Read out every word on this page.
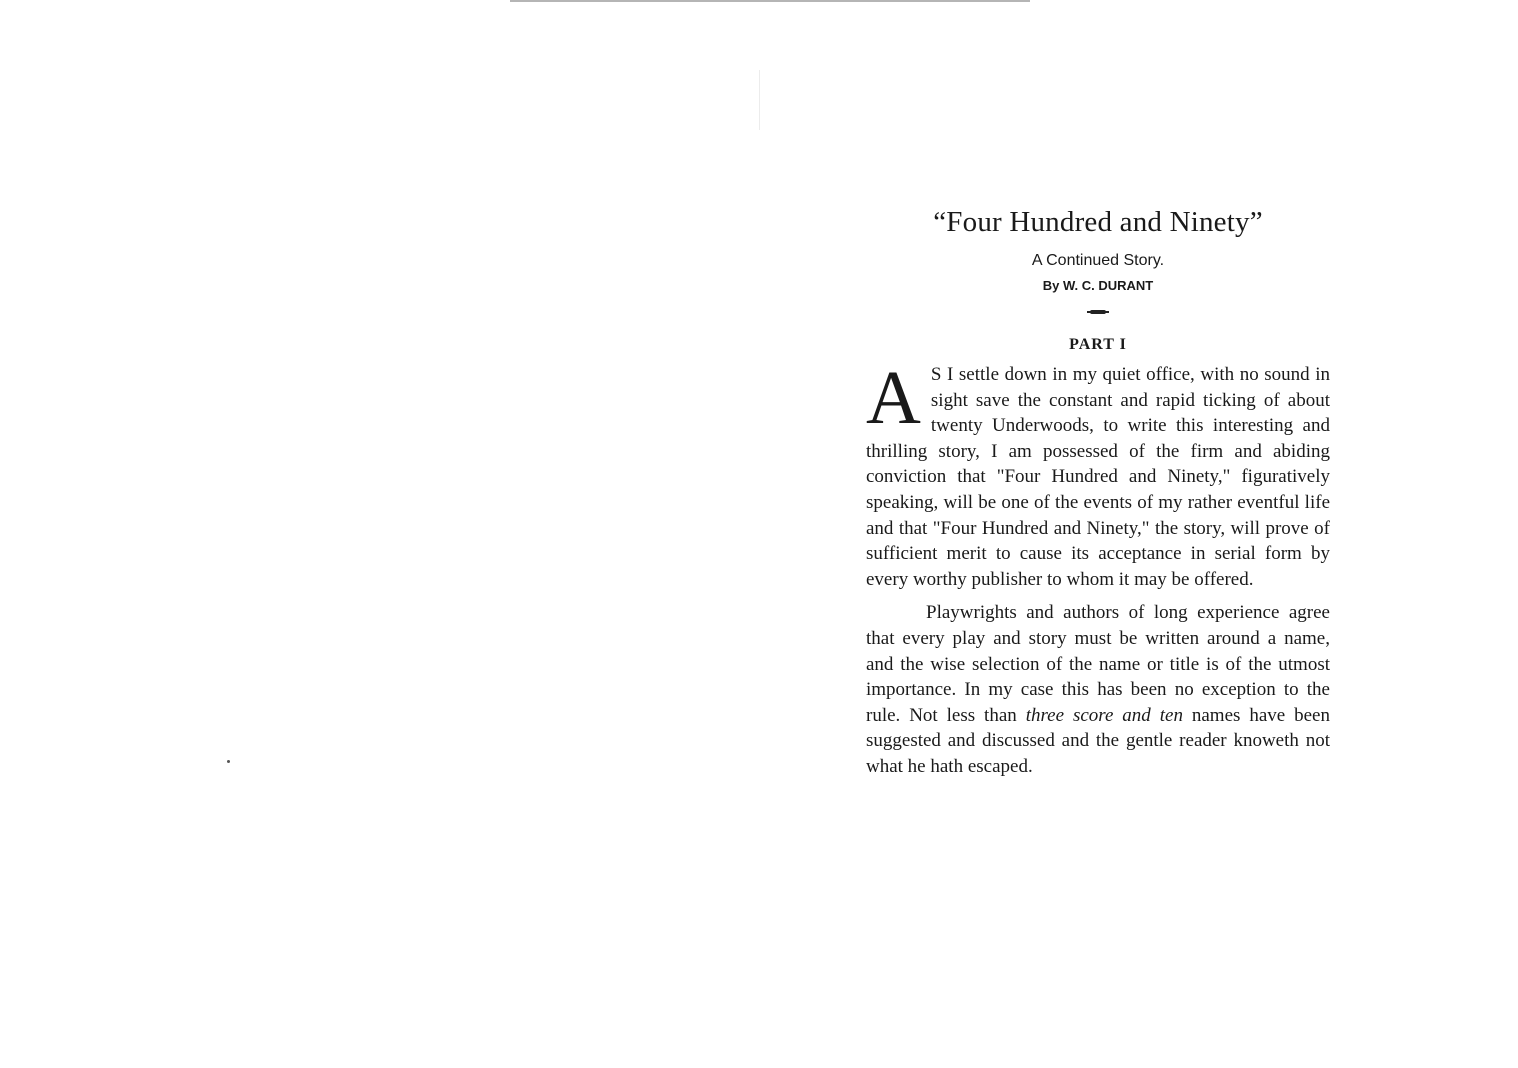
“Four Hundred and Ninety”

A Continued Story.

By W. C. DURANT

PART I

A S I settle down in my quiet office, with no sound in sight save the constant and rapid ticking of about twenty Underwoods, to write this interesting and thrilling story, I am possessed of the firm and abiding conviction that "Four Hundred and Ninety," figuratively speaking, will be one of the events of my rather eventful life and that "Four Hundred and Ninety," the story, will prove of sufficient merit to cause its acceptance in serial form by every worthy publisher to whom it may be offered.

Playwrights and authors of long experience agree that every play and story must be written around a name, and the wise selection of the name or title is of the utmost importance. In my case this has been no exception to the rule. Not less than three score and ten names have been suggested and discussed and the gentle reader knoweth not what he hath escaped.
